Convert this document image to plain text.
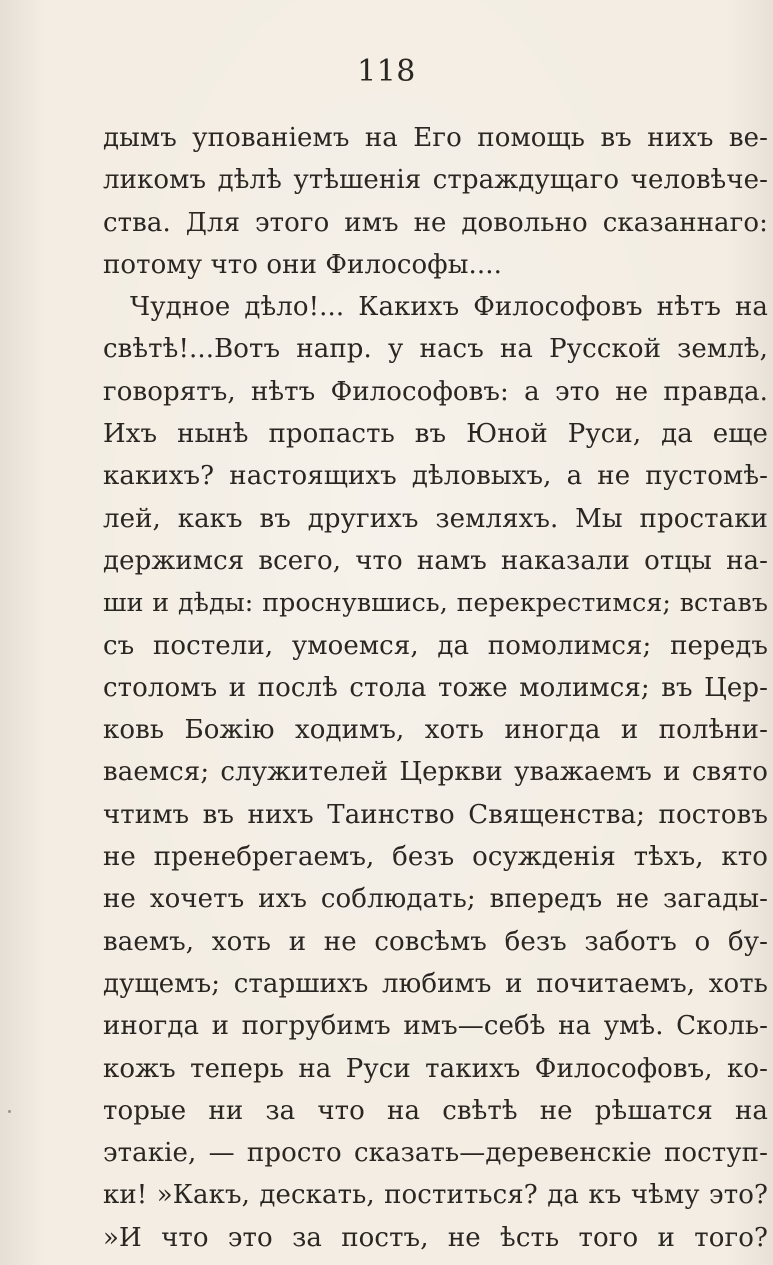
118
дымъ упованіемъ на Его помощь въ нихъ ве-
ликомъ дѣлѣ утѣшенія страждущаго человѣче-
ства. Для этого имъ не довольно сказаннаго:
потому что они Философы....
Чудное дѣло!... Какихъ Философовъ нѣтъ на
свѣтѣ!...Вотъ напр. у насъ на Русской землѣ,
говорятъ, нѣтъ Философовъ: а это не правда.
Ихъ нынѣ пропасть въ Юной Руси, да еще
какихъ? настоящихъ дѣловыхъ, а не пустомѣ-
лей, какъ въ другихъ земляхъ. Мы простаки
держимся всего, что намъ наказали отцы на-
ши и дѣды: проснувшись, перекрестимся; вставъ
съ постели, умоемся, да помолимся; передъ
столомъ и послѣ стола тоже молимся; въ Цер-
ковь Божію ходимъ, хоть иногда и полѣни-
ваемся; служителей Церкви уважаемъ и свято
чтимъ въ нихъ Таинство Священства; постовъ
не пренебрегаемъ, безъ осужденія тѣхъ, кто
не хочетъ ихъ соблюдать; впередъ не загады-
ваемъ, хоть и не совсѣмъ безъ заботъ о бу-
дущемъ; старшихъ любимъ и почитаемъ, хоть
иногда и погрубимъ имъ—себѣ на умѣ. Сколь-
кожъ теперь на Руси такихъ Философовъ, ко-
торые ни за что на свѣтѣ не рѣшатся на
этакіе, — просто сказать—деревенскіе поступ-
ки! »Какъ, дескать, поститься? да къ чѣму это?
»И что это за постъ, не ѣсть того и того?
